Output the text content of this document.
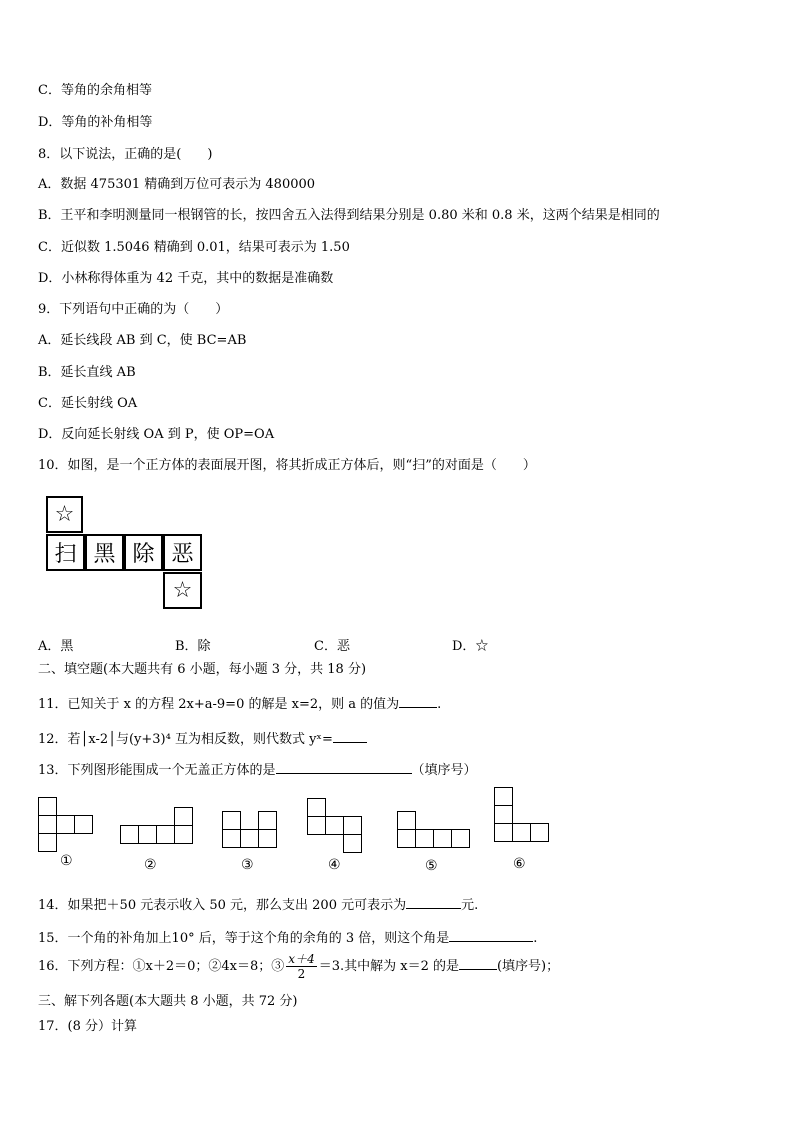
C．等角的余角相等
D．等角的补角相等
8．以下说法，正确的是(　　)
A．数据 475301 精确到万位可表示为 480000
B．王平和李明测量同一根钢管的长，按四舍五入法得到结果分别是 0.80 米和 0.8 米，这两个结果是相同的
C．近似数 1.5046 精确到 0.01，结果可表示为 1.50
D．小林称得体重为 42 千克，其中的数据是准确数
9．下列语句中正确的为（　　）
A．延长线段 AB 到 C，使 BC=AB
B．延长直线 AB
C．延长射线 OA
D．反向延长射线 OA 到 P，使 OP=OA
10．如图，是一个正方体的表面展开图，将其折成正方体后，则“扫”的对面是（　　）
☆
扫 黑 除 恶
☆
A．黑	B．除	C．恶	D．☆
二、填空题(本大题共有 6 小题，每小题 3 分，共 18 分)
11．已知关于 x 的方程 2x+a-9=0 的解是 x=2，则 a 的值为	.
12．若│x-2│与(y+3)⁴ 互为相反数，则代数式 yˣ=
13．下列图形能围成一个无盖正方体的是	（填序号）
①	②	③	④	⑤	⑥
14．如果把＋50 元表示收入 50 元，那么支出 200 元可表示为	元.
15．一个角的补角加上10° 后，等于这个角的余角的 3 倍，则这个角是	.
16．下列方程：①x＋2＝0；②4x＝8；③ $\frac{x+4}{2} =3$.其中解为 x＝2 的是	(填序号)；
三、解下列各题(本大题共 8 小题，共 72 分)
17．(8 分）计算
